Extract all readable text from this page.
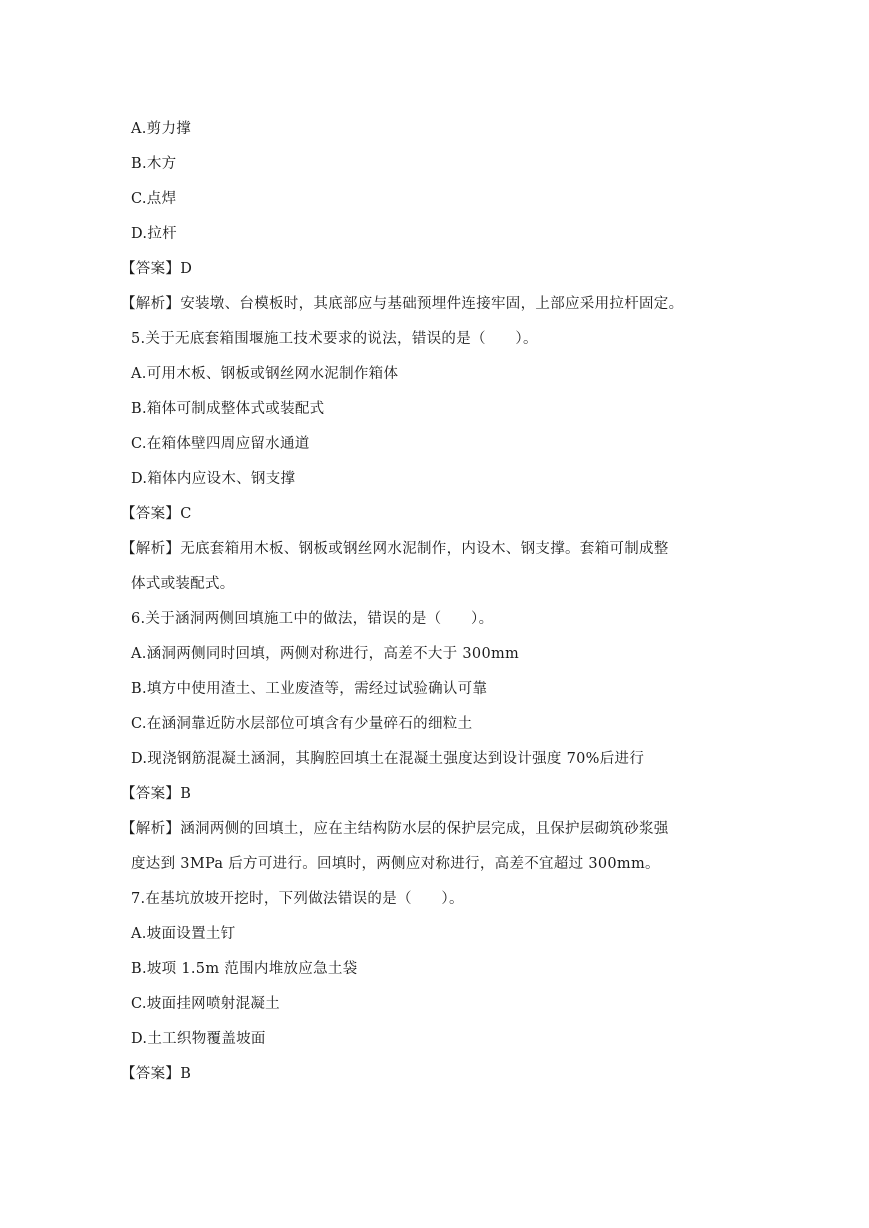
A.剪力撑
B.木方
C.点焊
D.拉杆
【答案】D
【解析】安装墩、台模板时，其底部应与基础预埋件连接牢固，上部应采用拉杆固定。
5.关于无底套箱围堰施工技术要求的说法，错误的是（　　）。
A.可用木板、钢板或钢丝网水泥制作箱体
B.箱体可制成整体式或装配式
C.在箱体壁四周应留水通道
D.箱体内应设木、钢支撑
【答案】C
【解析】无底套箱用木板、钢板或钢丝网水泥制作，内设木、钢支撑。套箱可制成整
体式或装配式。
6.关于涵洞两侧回填施工中的做法，错误的是（　　）。
A.涵洞两侧同时回填，两侧对称进行，高差不大于 300mm
B.填方中使用渣土、工业废渣等，需经过试验确认可靠
C.在涵洞靠近防水层部位可填含有少量碎石的细粒土
D.现浇钢筋混凝土涵洞，其胸腔回填土在混凝土强度达到设计强度 70%后进行
【答案】B
【解析】涵洞两侧的回填土，应在主结构防水层的保护层完成，且保护层砌筑砂浆强
度达到 3MPa 后方可进行。回填时，两侧应对称进行，高差不宜超过 300mm。
7.在基坑放坡开挖时，下列做法错误的是（　　）。
A.坡面设置土钉
B.坡项 1.5m 范围内堆放应急土袋
C.坡面挂网喷射混凝土
D.土工织物覆盖坡面
【答案】B
